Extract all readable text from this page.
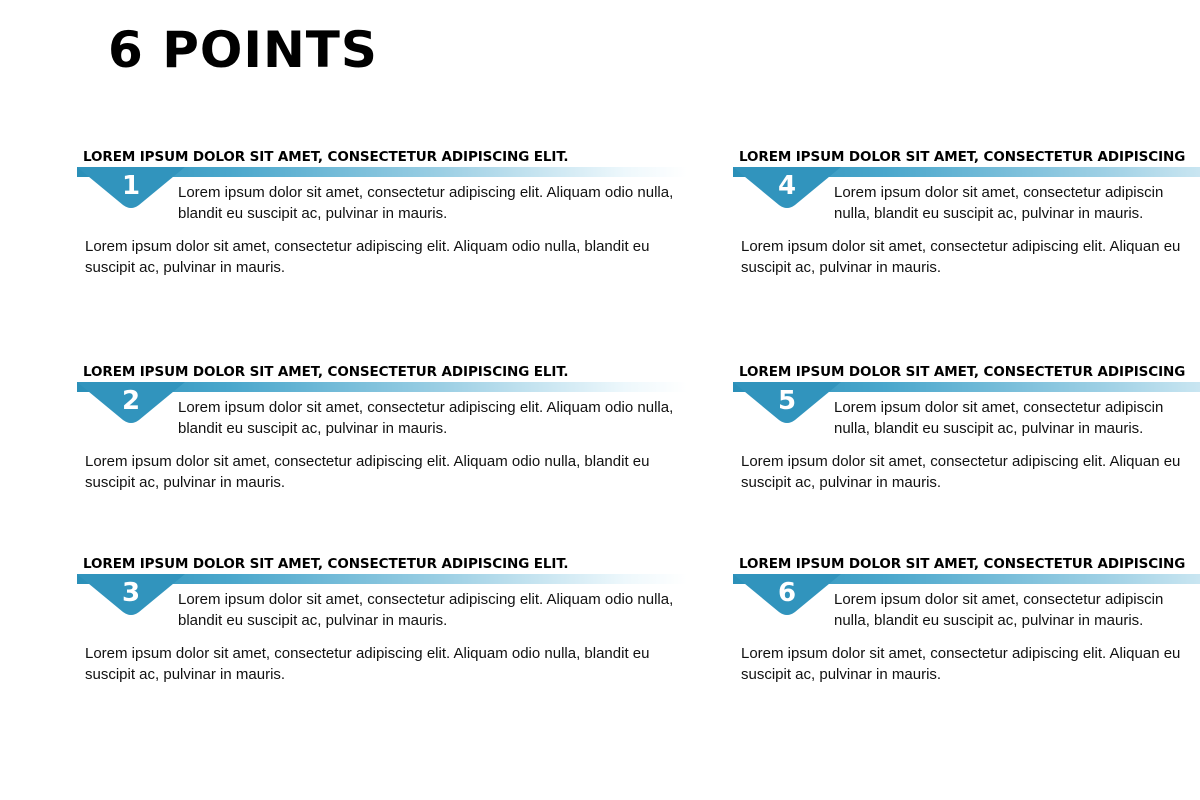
6 POINTS
LOREM IPSUM DOLOR SIT AMET, CONSECTETUR ADIPISCING ELIT.
1	Lorem ipsum dolor sit amet, consectetur adipiscing elit. Aliquam odio nulla, blandit eu suscipit ac, pulvinar in mauris.
Lorem ipsum dolor sit amet, consectetur adipiscing elit. Aliquam odio nulla, blandit eu suscipit ac, pulvinar in mauris.
LOREM IPSUM DOLOR SIT AMET, CONSECTETUR ADIPISCING ELIT.
2	Lorem ipsum dolor sit amet, consectetur adipiscing elit. Aliquam odio nulla, blandit eu suscipit ac, pulvinar in mauris.
Lorem ipsum dolor sit amet, consectetur adipiscing elit. Aliquam odio nulla, blandit eu suscipit ac, pulvinar in mauris.
LOREM IPSUM DOLOR SIT AMET, CONSECTETUR ADIPISCING ELIT.
3	Lorem ipsum dolor sit amet, consectetur adipiscing elit. Aliquam odio nulla, blandit eu suscipit ac, pulvinar in mauris.
Lorem ipsum dolor sit amet, consectetur adipiscing elit. Aliquam odio nulla, blandit eu suscipit ac, pulvinar in mauris.
LOREM IPSUM DOLOR SIT AMET, CONSECTETUR ADIPISCING
4	Lorem ipsum dolor sit amet, consectetur adipiscin nulla, blandit eu suscipit ac, pulvinar in mauris.
Lorem ipsum dolor sit amet, consectetur adipiscing elit. Aliquan eu suscipit ac, pulvinar in mauris.
LOREM IPSUM DOLOR SIT AMET, CONSECTETUR ADIPISCING
5	Lorem ipsum dolor sit amet, consectetur adipiscin nulla, blandit eu suscipit ac, pulvinar in mauris.
Lorem ipsum dolor sit amet, consectetur adipiscing elit. Aliquan eu suscipit ac, pulvinar in mauris.
LOREM IPSUM DOLOR SIT AMET, CONSECTETUR ADIPISCING
6	Lorem ipsum dolor sit amet, consectetur adipiscin nulla, blandit eu suscipit ac, pulvinar in mauris.
Lorem ipsum dolor sit amet, consectetur adipiscing elit. Aliquan eu suscipit ac, pulvinar in mauris.
